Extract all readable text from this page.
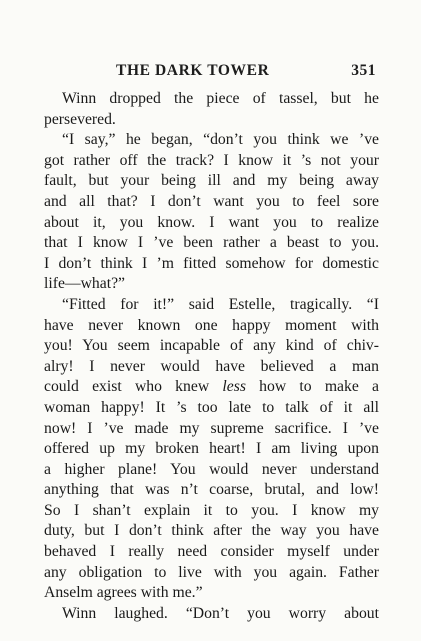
THE DARK TOWER	351
Winn dropped the piece of tassel, but he
persevered.
“I say,” he began, “don’t you think we ’ve
got rather off the track? I know it ’s not your
fault, but your being ill and my being away
and all that? I don’t want you to feel sore
about it, you know. I want you to realize
that I know I ’ve been rather a beast to you.
I don’t think I ’m fitted somehow for domestic
life—what?”
“Fitted for it!” said Estelle, tragically. “I
have never known one happy moment with
you! You seem incapable of any kind of chiv-
alry! I never would have believed a man
could exist who knew less how to make a
woman happy! It ’s too late to talk of it all
now! I ’ve made my supreme sacrifice. I ’ve
offered up my broken heart! I am living upon
a higher plane! You would never understand
anything that was n’t coarse, brutal, and low!
So I shan’t explain it to you. I know my
duty, but I don’t think after the way you have
behaved I really need consider myself under
any obligation to live with you again. Father
Anselm agrees with me.”
Winn laughed. “Don’t you worry about
